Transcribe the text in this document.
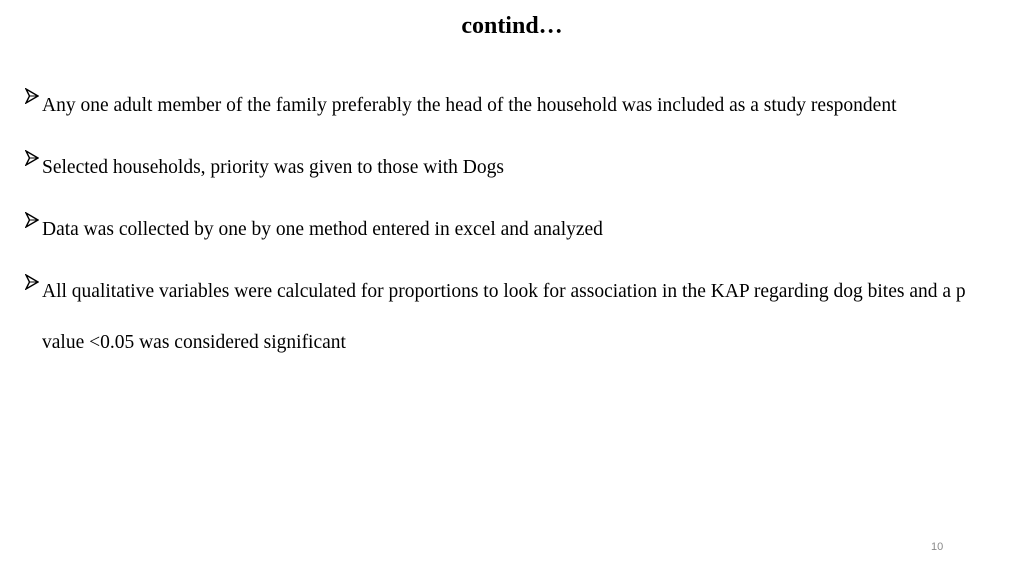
contind…
Any one adult member of the family preferably the head of the household was included as a study respondent
Selected households, priority was given to those with Dogs
Data was collected by one by one method entered in excel and analyzed
All qualitative variables were calculated for proportions to look for association in the KAP regarding dog bites and a p value <0.05 was considered significant
10
